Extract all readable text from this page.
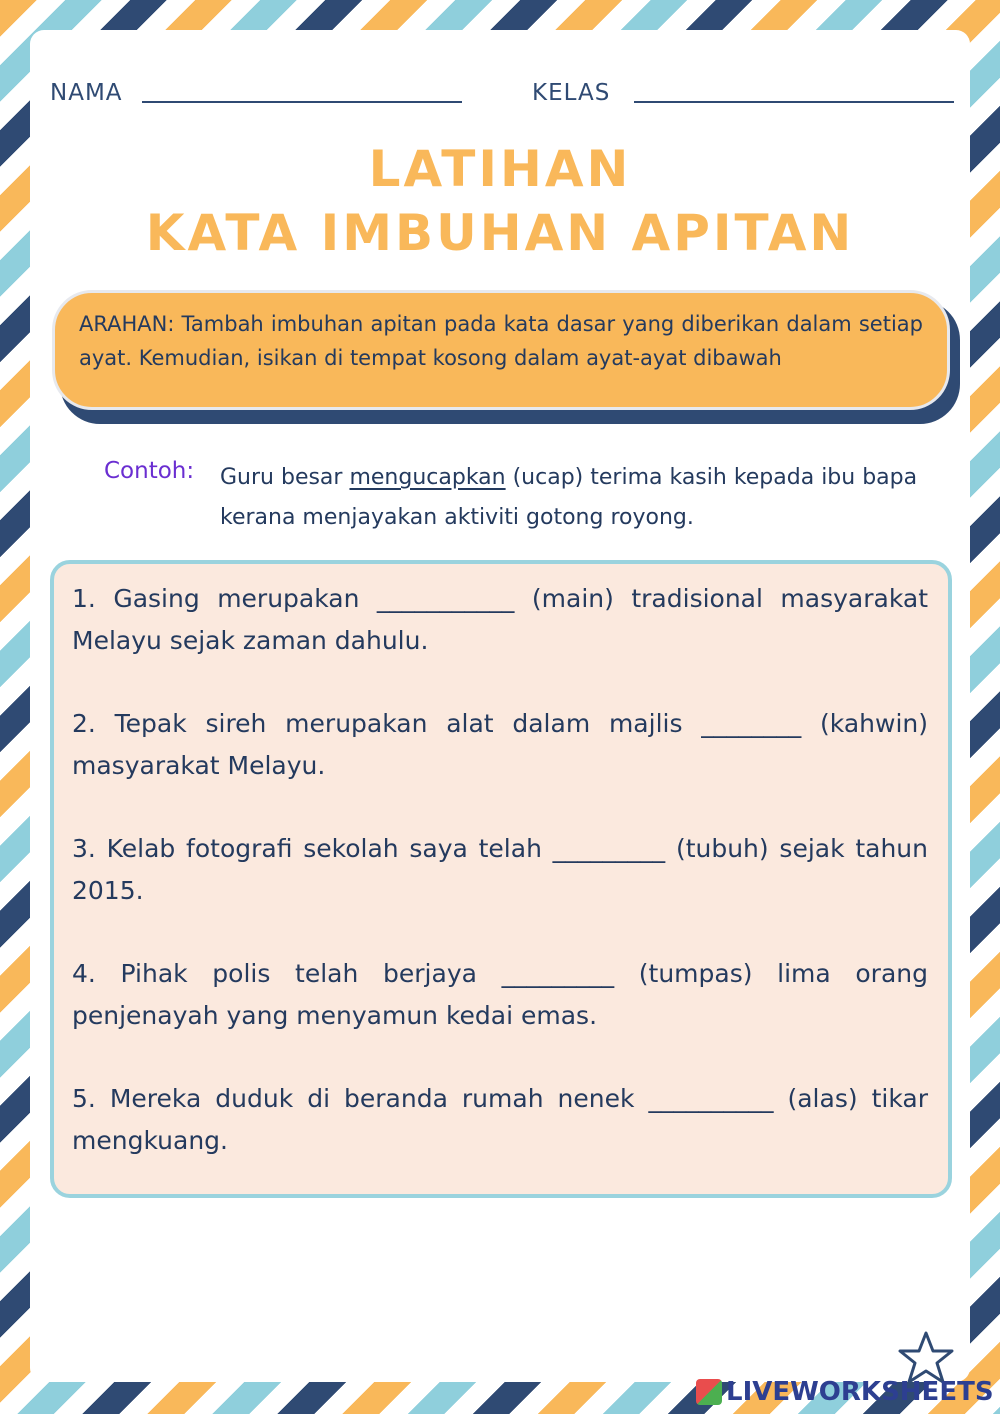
NAMA	KELAS
LATIHAN
KATA IMBUHAN APITAN

ARAHAN: Tambah imbuhan apitan pada kata dasar yang diberikan dalam setiap ayat. Kemudian, isikan di tempat kosong dalam ayat-ayat dibawah

Contoh: Guru besar mengucapkan (ucap) terima kasih kepada ibu bapa kerana menjayakan aktiviti gotong royong.

1. Gasing merupakan ___________ (main) tradisional masyarakat Melayu sejak zaman dahulu.

2. Tepak sireh merupakan alat dalam majlis ________ (kahwin) masyarakat Melayu.

3. Kelab fotografi sekolah saya telah _________ (tubuh) sejak tahun 2015.

4. Pihak polis telah berjaya _________ (tumpas) lima orang penjenayah yang menyamun kedai emas.

5. Mereka duduk di beranda rumah nenek __________ (alas) tikar mengkuang.

LIVEWORKSHEETS
